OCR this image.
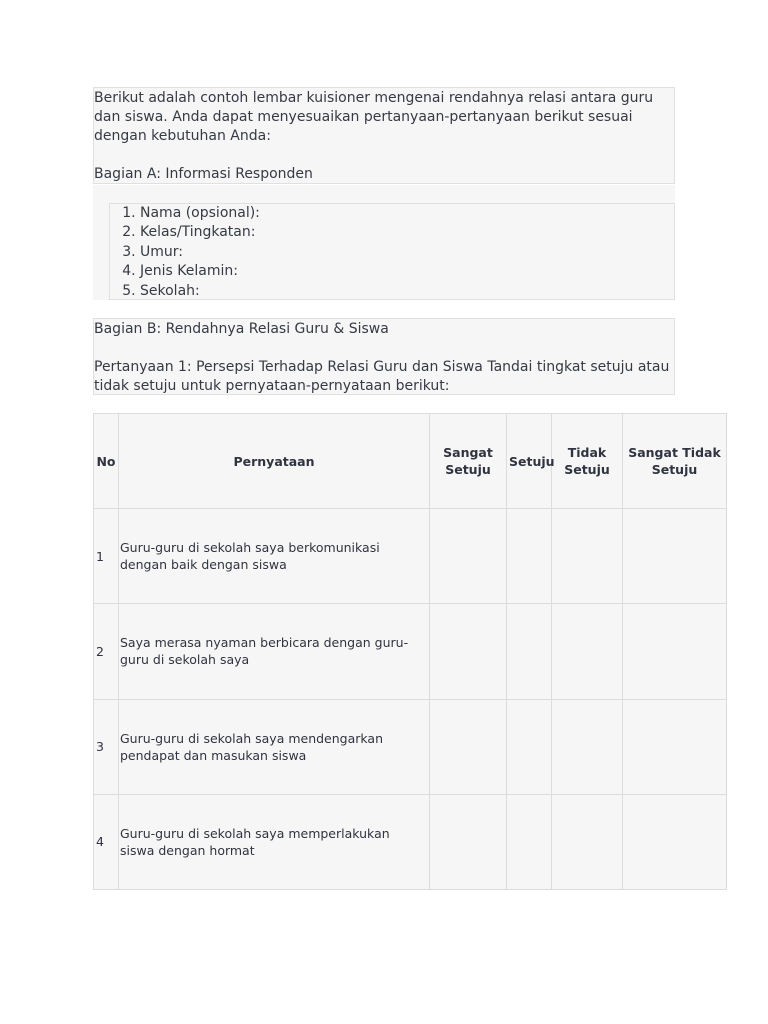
Berikut adalah contoh lembar kuisioner mengenai rendahnya relasi antara guru dan siswa. Anda dapat menyesuaikan pertanyaan-pertanyaan berikut sesuai dengan kebutuhan Anda:

Bagian A: Informasi Responden

1. Nama (opsional):
2. Kelas/Tingkatan:
3. Umur:
4. Jenis Kelamin:
5. Sekolah:

Bagian B: Rendahnya Relasi Guru & Siswa

Pertanyaan 1: Persepsi Terhadap Relasi Guru dan Siswa Tandai tingkat setuju atau tidak setuju untuk pernyataan-pernyataan berikut:

No	Pernyataan	Sangat Setuju	Setuju	Tidak Setuju	Sangat Tidak Setuju
1	Guru-guru di sekolah saya berkomunikasi dengan baik dengan siswa				
2	Saya merasa nyaman berbicara dengan guru-guru di sekolah saya				
3	Guru-guru di sekolah saya mendengarkan pendapat dan masukan siswa				
4	Guru-guru di sekolah saya memperlakukan siswa dengan hormat				
